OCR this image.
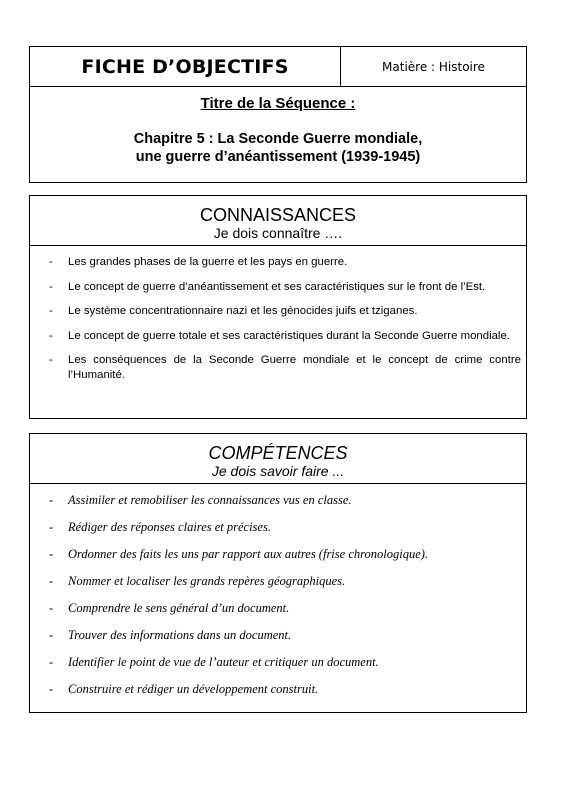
FICHE D’OBJECTIFS	Matière : Histoire
Titre de la Séquence :
Chapitre 5 : La Seconde Guerre mondiale,
une guerre d’anéantissement (1939-1945)
CONNAISSANCES
Je dois connaître ….
-	Les grandes phases de la guerre et les pays en guerre.
-	Le concept de guerre d’anéantissement et ses caractéristiques sur le front de l’Est.
-	Le système concentrationnaire nazi et les génocides juifs et tziganes.
-	Le concept de guerre totale et ses caractéristiques durant la Seconde Guerre mondiale.
-	Les conséquences de la Seconde Guerre mondiale et le concept de crime contre l’Humanité.
COMPÉTENCES
Je dois savoir faire ...
-	Assimiler et remobiliser les connaissances vus en classe.
-	Rédiger des réponses claires et précises.
-	Ordonner des faits les uns par rapport aux autres (frise chronologique).
-	Nommer et localiser les grands repères géographiques.
-	Comprendre le sens général d’un document.
-	Trouver des informations dans un document.
-	Identifier le point de vue de l’auteur et critiquer un document.
-	Construire et rédiger un développement construit.
